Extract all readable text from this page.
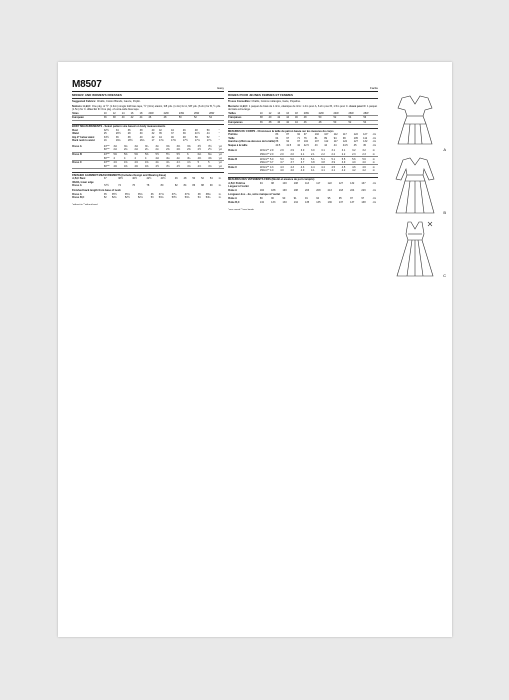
M8507	Easy
MISSES' AND WOMEN'S DRESSES
Suggested Fabrics: Challis, Cotton Blends, Gauze, Poplin.
Notions: A,B,C: One pkg. of ½" (1.3cm) single fold bias tape, ½" (3cm) elastic, 3/8 yds. (1.4m) for A, 5/8 yds. (6.2m) for B, ½ yds. (1.5m) for C. Also for C: One pkg. of extra-wide bias tape.
Sizes	10	12	14	16	18	20W	22W	24W	26W	28W
European	36	38	40	42	44	46	48	50	52	54
BODY MEASUREMENTS - Select pattern size based on body measurements
Bust	32½	34	36	38	40	42	44	46	48	50	"
Waist	25	26½	28	30	32	35	37	39	41½	44	"
Hip 9" below waist	34½	36	38	40	42	44	46	48	50	52	"
Back neck to waist	16	16¼	16½	16¾	17	17¼	17⅜	17½	17⅝	17¾	"
Dress A	43"**	3⅛	3⅛	3⅛	3¼	3¼	3⅜	3⅜	3⅜	3½	3½	yd.
	60"**	2⅛	2⅛	2⅛	2¼	2¼	2⅜	2⅜	2⅜	2½	2½	yd.
Dress B	43"**	5⅜	5⅜	5⅜	5⅜	5½	5½	5½	6	6⅛	6⅛	yd.
	60"**	4	4	4	4	4⅛	4⅛	4¼	4¼	4⅜	4⅜	yd.
Dress C	43"**	4⅝	4⅝	4⅝	4⅝	4¾	4¾	4⅞	4⅞	5	5	yd.
	60"**	4⅜	4⅜	4⅜	4⅜	4½	4½	4½	4⅝	4⅝	4⅝	yd.
FINISHED GARMENT MEASUREMENTS (Includes Design and Wearing Ease)
A,B,C Bust	37	38½	40½	42½	44½	46	48	50	52	54	in.
Width, lower edge											
Dress A	72½	74	76	78	80	82	84	86	88	90	in.
Finished back length from base of neck
Dress A	35	35½	35⅝	35¾	36	37⅛	37¼	37⅜	38	38⅛	in.
Dress B,C	52	52¼	52½	52⅝	53	53¼	53½	53¾	54	54¼	in.
*without tie **without band
Facile
ROBES POUR JEUNES FEMMES ET FEMMES
Tissus Conseillés: Challis, Cotons mélangés, Gaze, Popeline.
Mercerie: A,B,C: 1 paquet de biais de 1.3cm, élastique de 3cm: 1.4m pour A, 6.2m pour B, 1.5m pour C. Aussi pour C: 1 paquet de biais extra-large.
Tailles	10	12	14	16	18	20W	22W	24W	26W	28W
Françaises	38	40	42	44	46	48	50	52	54	56
Européenes	36	38	40	42	44	46	48	50	52	54
MESURES DU CORPS - Choisissez la taille du patron basée sur les mesures du corps
Poitrine	83	87	92	97	102	107	112	117	122	127	cm
Taille	64	67	71	76	81	89	94	99	105	112	cm
Hanches (23cm au-dessous de la taille)	88	92	97	102	107	112	117	122	127	132	cm
Nuque à la taille	40.5	41.5	42	42.5	43	44	44	44.5	45	45	cm
Robe A	115cm**	2.9	2.9	2.9	3.0	3.0	3.1	3.1	3.1	3.2	3.2	m
	150cm**	2.0	2.0	2.0	2.1	2.1	2.2	2.2	2.2	2.3	2.3	m
Robe B	115cm**	5.0	5.0	5.0	5.0	5.1	5.1	5.1	5.5	5.6	5.6	m
	150cm**	3.7	3.7	3.7	3.7	3.8	3.8	3.9	3.9	4.0	4.0	m
Robe C	115cm**	4.3	4.3	4.3	4.3	4.4	4.4	4.5	4.5	4.6	4.6	m
	150cm**	4.0	4.0	4.0	4.0	4.1	4.1	4.1	4.2	4.2	4.2	m
MESURES DES VÊTEMENTS FINIS (Modèl et aisance de port compris)
A,B,C Poitrine	94	98	103	108	113	117	122	127	132	137	cm
Largeur à l'ourlet											
Robe A	184	188	193	198	203	208	213	218	224	229	cm
Longueur dos - du, votre marque à l'ourlet
Robe A	89	90	90	91	91	94	95	95	97	97	cm
Robe B,C	132	133	133	134	135	135	136	137	137	138	cm
*sans noeud **sans bande
A
B
C
